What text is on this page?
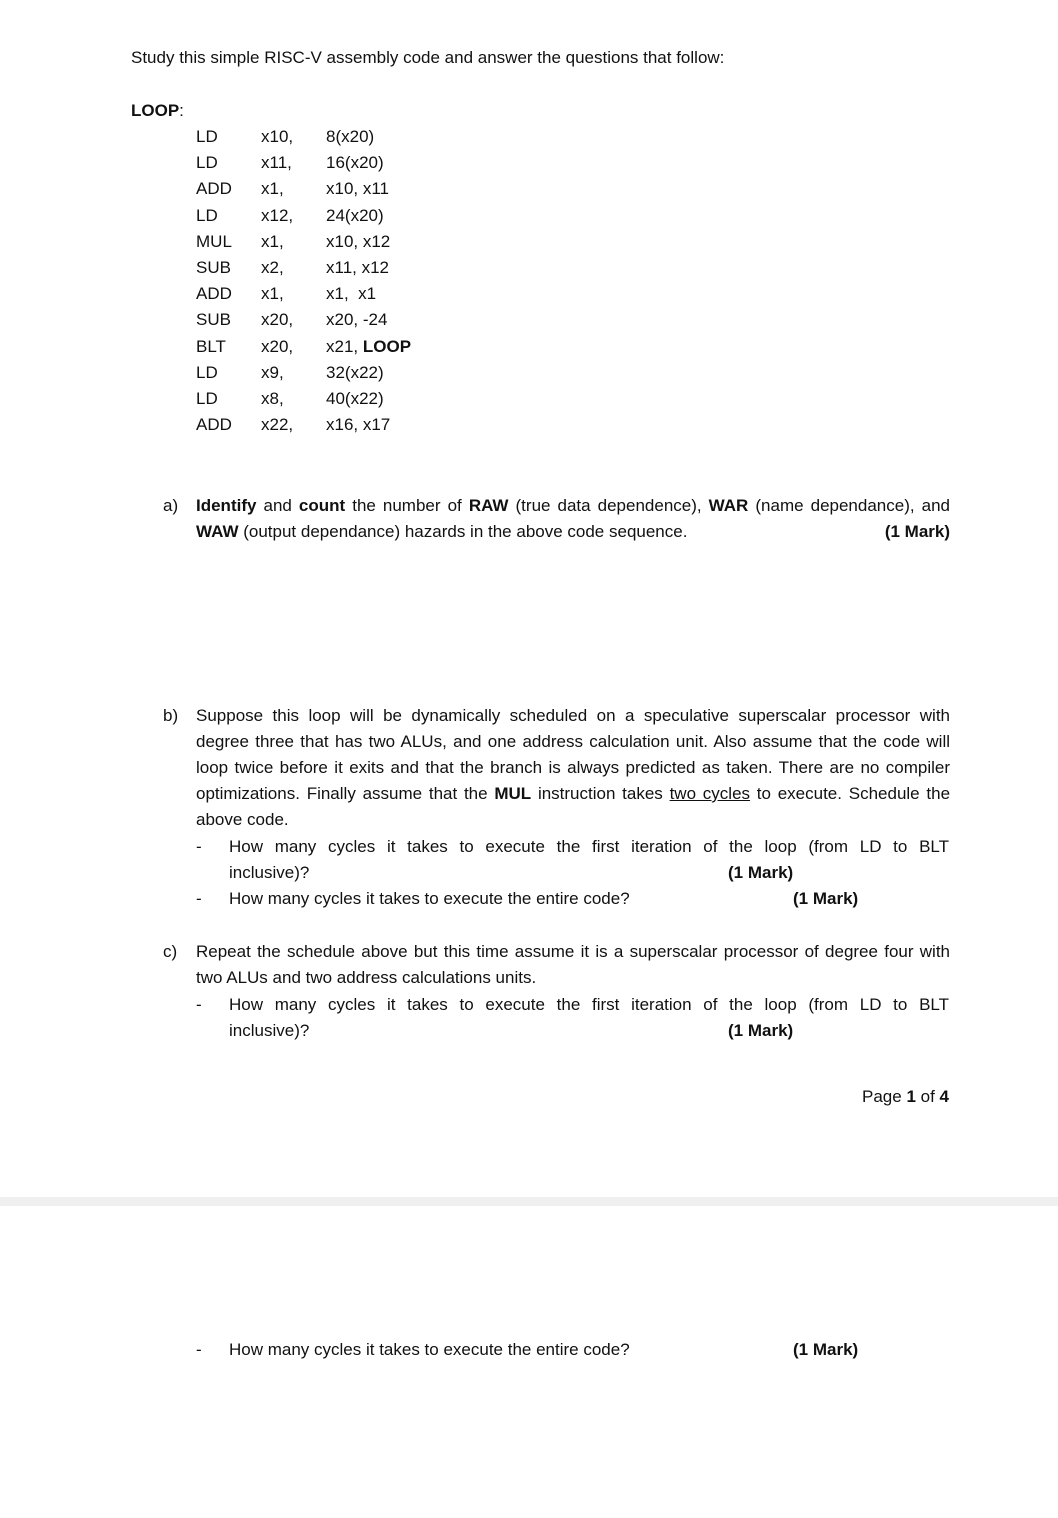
Study this simple RISC-V assembly code and answer the questions that follow:
LOOP:
LD	x10, 8(x20)
LD	x11, 16(x20)
ADD x1, x10, x11
LD	x12, 24(x20)
MUL x1, x10, x12
SUB x2, x11, x12
ADD x1, x1,  x1
SUB x20, x20, -24
BLT x20, x21, LOOP
LD	x9, 32(x22)
LD	x8, 40(x22)
ADD x22, x16, x17
a) Identify and count the number of RAW (true data dependence), WAR (name dependance), and WAW (output dependance) hazards in the above code sequence.	(1 Mark)
b) Suppose this loop will be dynamically scheduled on a speculative superscalar processor with degree three that has two ALUs, and one address calculation unit. Also assume that the code will loop twice before it exits and that the branch is always predicted as taken. There are no compiler optimizations. Finally assume that the MUL instruction takes two cycles to execute. Schedule the above code.
- How many cycles it takes to execute the first iteration of the loop (from LD to BLT
inclusive)?	(1 Mark)
- How many cycles it takes to execute the entire code?	(1 Mark)
c) Repeat the schedule above but this time assume it is a superscalar processor of degree four with two ALUs and two address calculations units.
- How many cycles it takes to execute the first iteration of the loop (from LD to BLT
inclusive)?	(1 Mark)
Page 1 of 4
- How many cycles it takes to execute the entire code?	(1 Mark)
